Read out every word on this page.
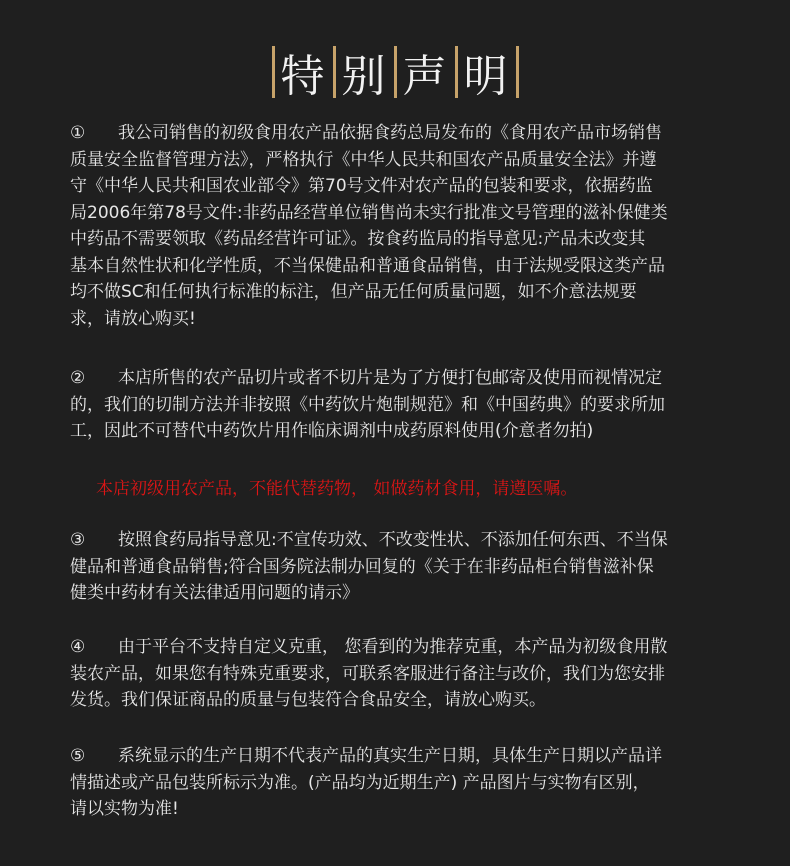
特 别 声 明
① 我公司销售的初级食用农产品依据食药总局发布的《食用农产品市场销售
质量安全监督管理方法》，严格执行《中华人民共和国农产品质量安全法》并遵
守《中华人民共和国农业部令》第70号文件对农产品的包装和要求，依据药监
局2006年第78号文件:非药品经营单位销售尚未实行批准文号管理的滋补保健类
中药品不需要领取《药品经营许可证》。按食药监局的指导意见:产品未改变其
基本自然性状和化学性质，不当保健品和普通食品销售，由于法规受限这类产品
均不做SC和任何执行标准的标注，但产品无任何质量问题，如不介意法规要
求，请放心购买!
② 本店所售的农产品切片或者不切片是为了方便打包邮寄及使用而视情况定
的，我们的切制方法并非按照《中药饮片炮制规范》和《中国药典》的要求所加
工，因此不可替代中药饮片用作临床调剂中成药原料使用(介意者勿拍)
本店初级用农产品，不能代替药物， 如做药材食用，请遵医嘱。
③ 按照食药局指导意见:不宣传功效、不改变性状、不添加任何东西、不当保
健品和普通食品销售;符合国务院法制办回复的《关于在非药品柜台销售滋补保
健类中药材有关法律适用问题的请示》
④ 由于平台不支持自定义克重， 您看到的为推荐克重，本产品为初级食用散
装农产品，如果您有特殊克重要求，可联系客服进行备注与改价，我们为您安排
发货。我们保证商品的质量与包装符合食品安全，请放心购买。
⑤ 系统显示的生产日期不代表产品的真实生产日期，具体生产日期以产品详
情描述或产品包装所标示为准。(产品均为近期生产) 产品图片与实物有区别，
请以实物为准!
